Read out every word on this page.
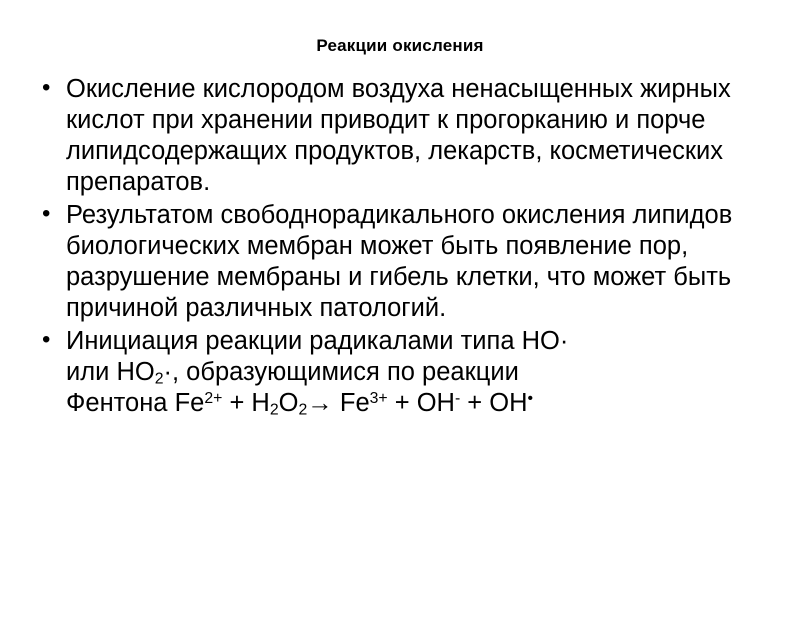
Реакции окисления
• Окисление кислородом воздуха ненасыщенных жирных кислот при хранении приводит к прогорканию и порче липидсодержащих продуктов, лекарств, косметических препаратов.
• Результатом свободнорадикального окисления липидов биологических мембран может быть появление пор, разрушение мембраны и гибель клетки, что может быть причиной различных патологий.
• Инициация реакции радикалами типа НО·
или $НО_2\cdot$, образующимися по реакции
Фентона $Fe^{2+} + H_2O_2\to Fe^{3+} + OH^- + OH^•$
